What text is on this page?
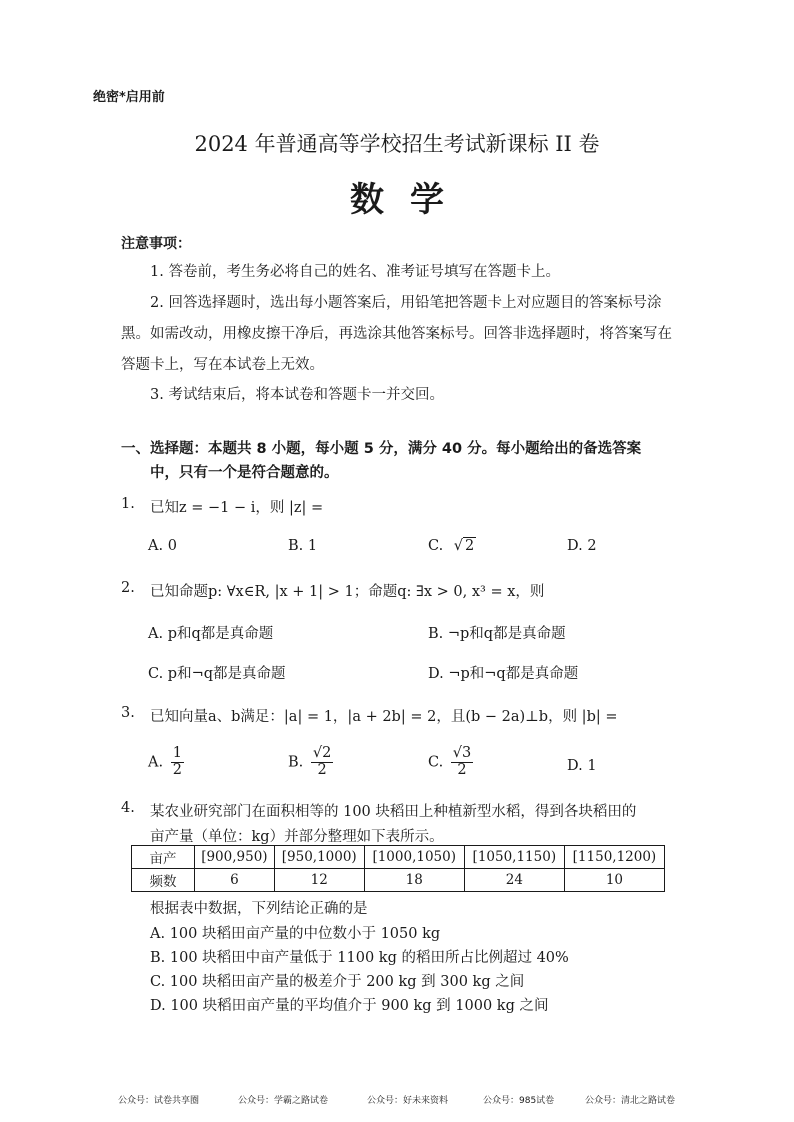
绝密*启用前
2024 年普通高等学校招生考试新课标 II 卷
数学
注意事项：
1. 答卷前，考生务必将自己的姓名、准考证号填写在答题卡上。
2. 回答选择题时，选出每小题答案后，用铅笔把答题卡上对应题目的答案标号涂黑。如需改动，用橡皮擦干净后，再选涂其他答案标号。回答非选择题时，将答案写在答题卡上，写在本试卷上无效。
3. 考试结束后，将本试卷和答题卡一并交回。
一、选择题：本题共 8 小题，每小题 5 分，满分 40 分。每小题给出的备选答案
中，只有一个是符合题意的。
1. 已知z = −1 − i，则 |z| =
A. 0	B. 1	C. √ 2	D. 2
2. 已知命题p: ∀x∈R, |x + 1| > 1；命题q: ∃x > 0, x³ = x，则
A. p和q都是真命题	B. ¬p和q都是真命题
C. p和¬q都是真命题	D. ¬p和¬q都是真命题
3. 已知向量a、b满足：|a| = 1，|a + 2b| = 2，且(b − 2a)⊥b，则 |b| =
A. $\frac{1}{2}$	B. $\frac{√2}{2}$	C. $\frac{√3}{2}$	D. 1
4. 某农业研究部门在面积相等的 100 块稻田上种植新型水稻，得到各块稻田的
亩产量（单位：kg）并部分整理如下表所示。
亩产	[900,950)	[950,1000)	[1000,1050)	[1050,1150)	[1150,1200)
频数	6	12	18	24	10
根据表中数据，下列结论正确的是
A. 100 块稻田亩产量的中位数小于 1050 kg
B. 100 块稻田中亩产量低于 1100 kg 的稻田所占比例超过 40%
C. 100 块稻田亩产量的极差介于 200 kg 到 300 kg 之间
D. 100 块稻田亩产量的平均值介于 900 kg 到 1000 kg 之间
公众号：试卷共享圈	公众号：学霸之路试卷	公众号：好未来资料	公众号：985试卷	公众号：清北之路试卷
